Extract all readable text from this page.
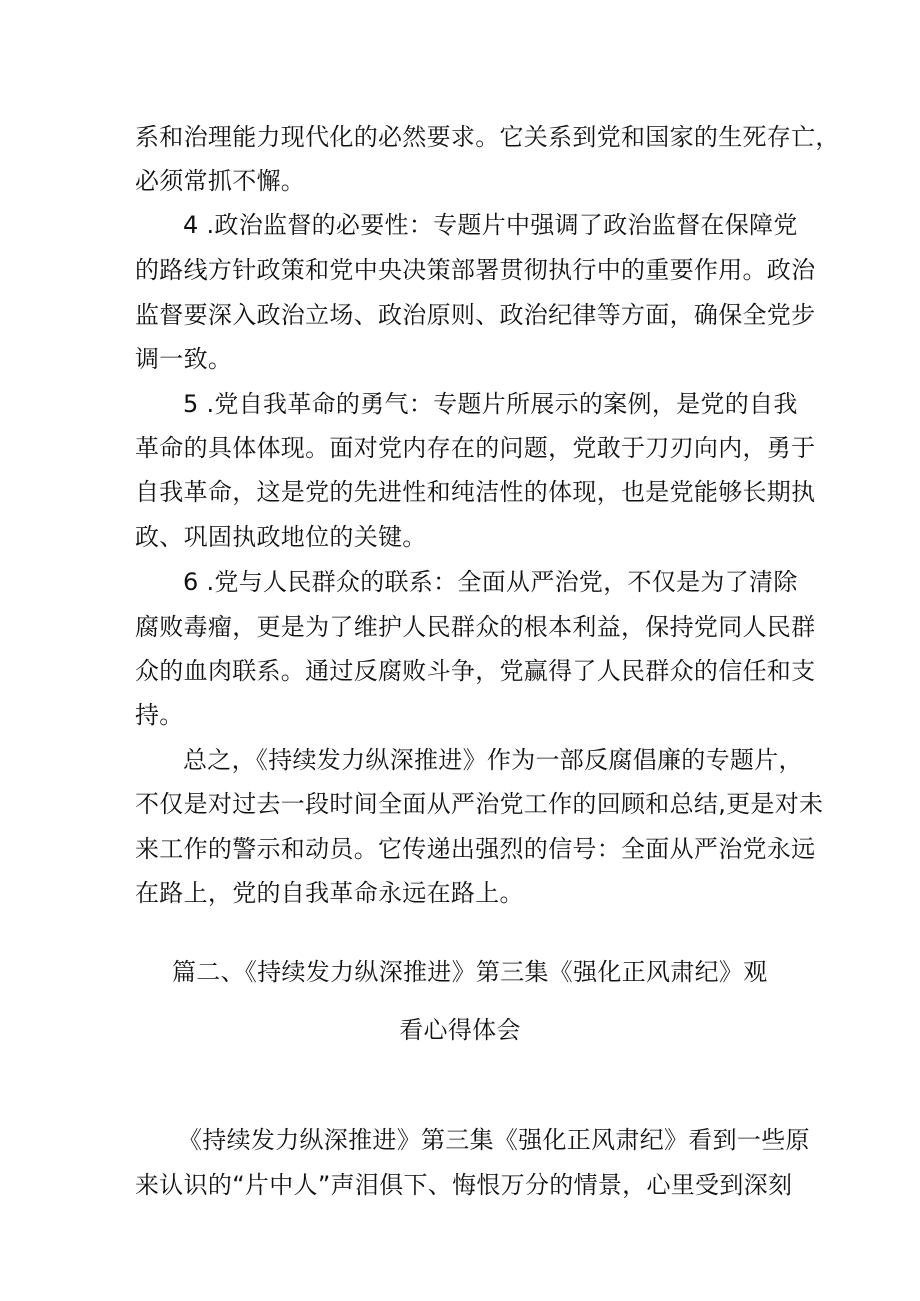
系和治理能力现代化的必然要求。它关系到党和国家的生死存亡，
必须常抓不懈。
4 .政治监督的必要性：专题片中强调了政治监督在保障党
的路线方针政策和党中央决策部署贯彻执行中的重要作用。政治
监督要深入政治立场、政治原则、政治纪律等方面，确保全党步
调一致。
5 .党自我革命的勇气：专题片所展示的案例，是党的自我
革命的具体体现。面对党内存在的问题，党敢于刀刃向内，勇于
自我革命，这是党的先进性和纯洁性的体现，也是党能够长期执
政、巩固执政地位的关键。
6 .党与人民群众的联系：全面从严治党，不仅是为了清除
腐败毒瘤，更是为了维护人民群众的根本利益，保持党同人民群
众的血肉联系。通过反腐败斗争，党赢得了人民群众的信任和支
持。
总之，《持续发力纵深推进》作为一部反腐倡廉的专题片，
不仅是对过去一段时间全面从严治党工作的回顾和总结,更是对未
来工作的警示和动员。它传递出强烈的信号：全面从严治党永远
在路上，党的自我革命永远在路上。
篇二、《持续发力纵深推进》第三集《强化正风肃纪》观
看心得体会
《持续发力纵深推进》第三集《强化正风肃纪》看到一些原
来认识的“片中人”声泪俱下、悔恨万分的情景，心里受到深刻
